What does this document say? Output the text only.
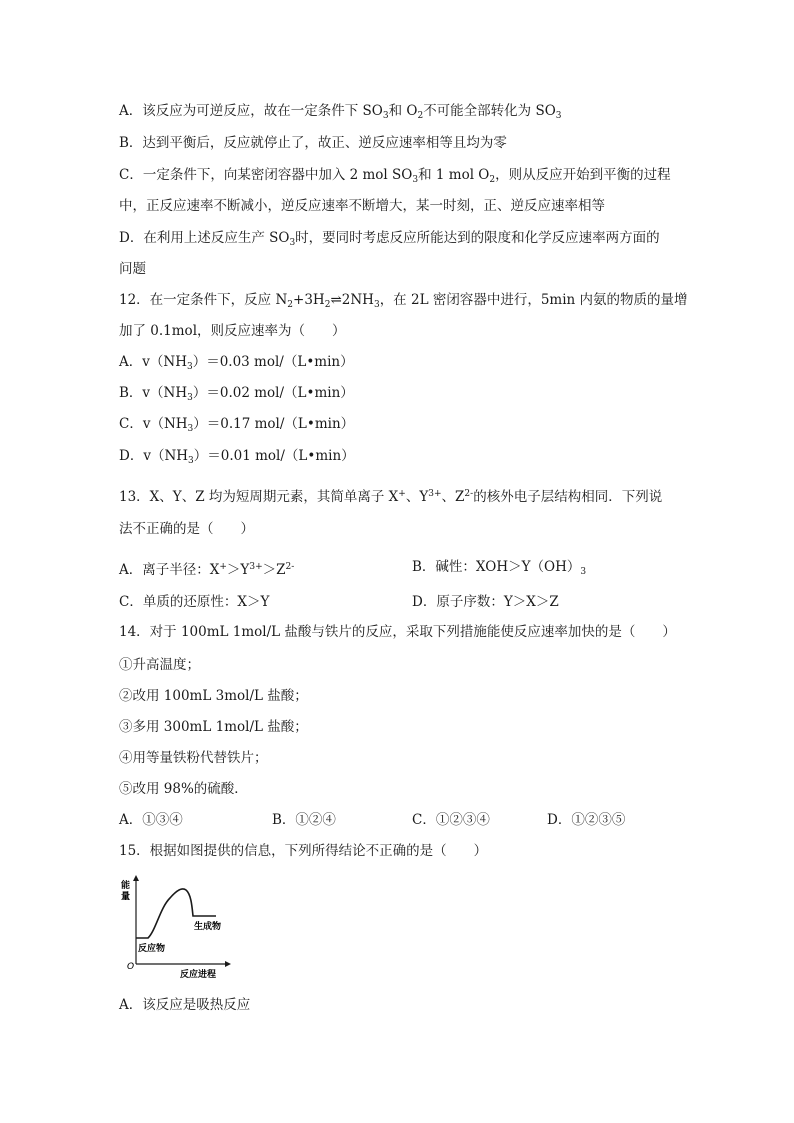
A．该反应为可逆反应，故在一定条件下 $SO_3$和 $O_2$不可能全部转化为 $SO_3$
B．达到平衡后，反应就停止了，故正、逆反应速率相等且均为零
C．一定条件下，向某密闭容器中加入 2 mol $SO_3$和 1 mol $O_2$，则从反应开始到平衡的过程
中，正反应速率不断减小，逆反应速率不断增大，某一时刻，正、逆反应速率相等
D．在利用上述反应生产 $SO_3$时，要同时考虑反应所能达到的限度和化学反应速率两方面的
问题
12．在一定条件下，反应 $N_2+3H_2\rightleftharpoons 2NH_3$，在 2L 密闭容器中进行，5min 内氨的物质的量增
加了 0.1mol，则反应速率为（　　）
A．$v(NH_3)=0.03$ mol/（L•min）
B．$v(NH_3)=0.02$ mol/（L•min）
C．$v(NH_3)=0.17$ mol/（L•min）
D．$v(NH_3)=0.01$ mol/（L•min）
13．X、Y、Z 均为短周期元素，其简单离子 X+、$Y^{3+}$、$Z^{2-}$的核外电子层结构相同．下列说
法不正确的是（　　）
A．离子半径：$X^+>Y^{3+}>Z^{2-}$	B．碱性：$XOH>Y(OH)_3$
C．单质的还原性：X＞Y	D．原子序数：Y＞X＞Z
14．对于 100mL 1mol/L 盐酸与铁片的反应，采取下列措施能使反应速率加快的是（　　）
①升高温度；
②改用 100mL 3mol/L 盐酸；
③多用 300mL 1mol/L 盐酸；
④用等量铁粉代替铁片；
⑤改用 98%的硫酸．
A．①③④	B．①②④	C．①②③④	D．①②③⑤
15．根据如图提供的信息，下列所得结论不正确的是（　　）
能
量
O
反应进程
反应物
生成物
A．该反应是吸热反应
